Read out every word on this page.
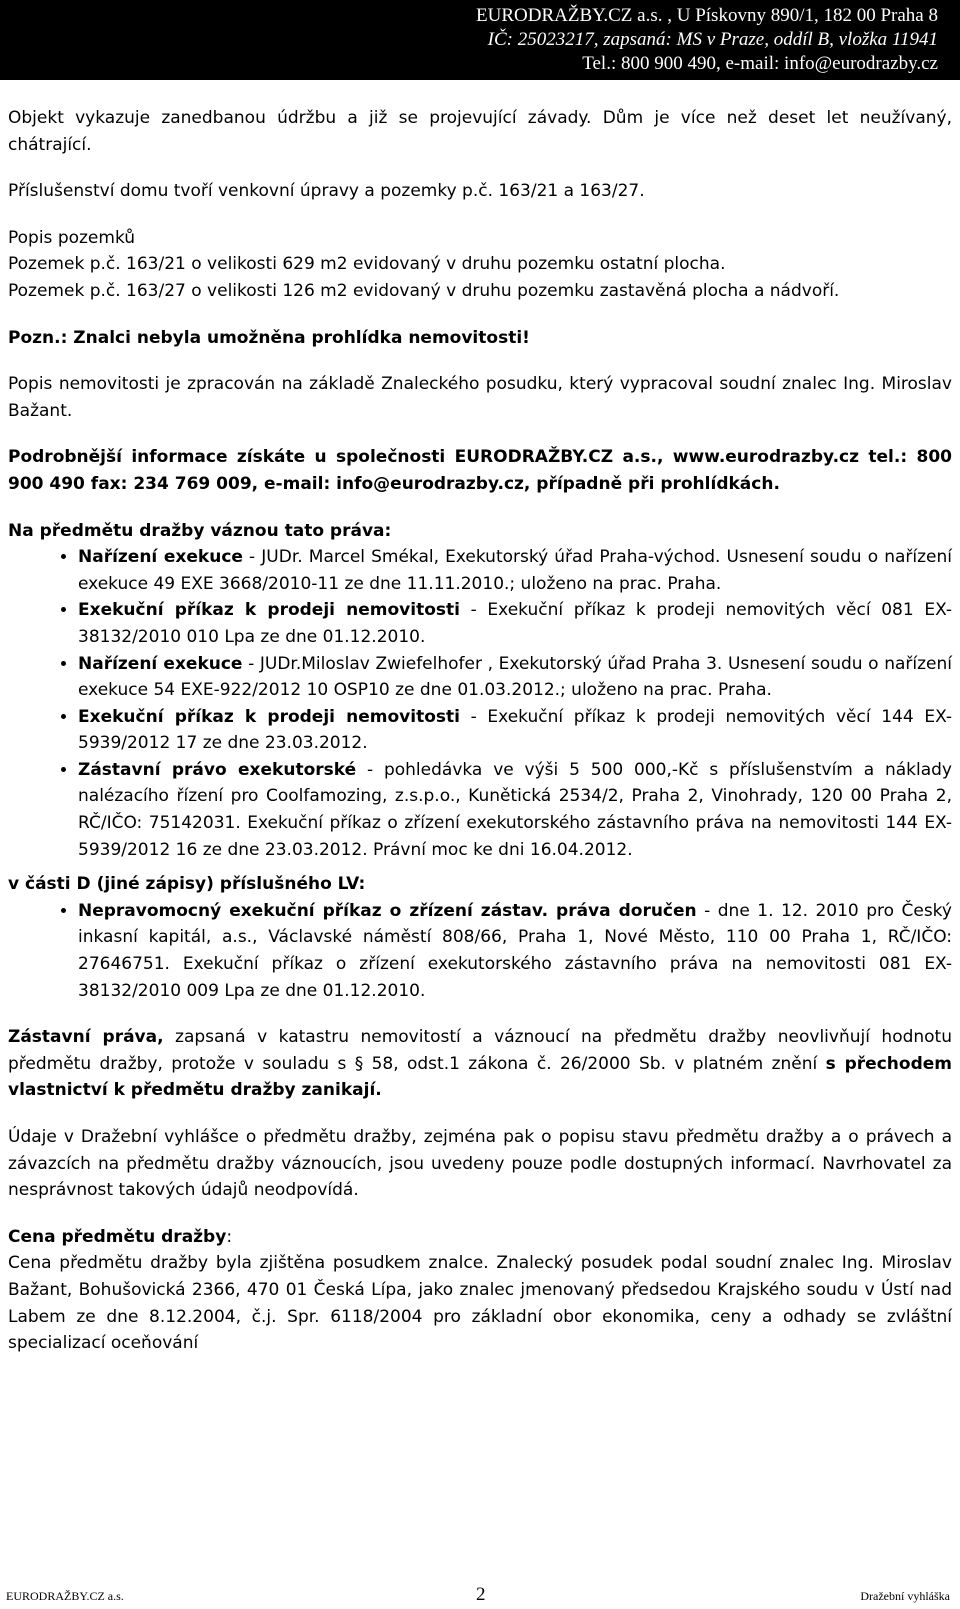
EURODRAŽBY.CZ a.s. , U Pískovny 890/1, 182 00 Praha 8
IČ: 25023217, zapsaná: MS v Praze, oddíl B, vložka 11941
Tel.: 800 900 490, e-mail: info@eurodrazby.cz

Objekt vykazuje zanedbanou údržbu a již se projevující závady. Dům je více než deset let neužívaný, chátrající.

Příslušenství domu tvoří venkovní úpravy a pozemky p.č. 163/21 a 163/27.

Popis pozemků

Pozemek p.č. 163/21 o velikosti 629 m2 evidovaný v druhu pozemku ostatní plocha.

Pozemek p.č. 163/27 o velikosti 126 m2 evidovaný v druhu pozemku zastavěná plocha a nádvoří.

Pozn.: Znalci nebyla umožněna prohlídka nemovitosti!

Popis nemovitosti je zpracován na základě Znaleckého posudku, který vypracoval soudní znalec Ing. Miroslav Bažant.

Podrobnější informace získáte u společnosti EURODRAŽBY.CZ a.s., www.eurodrazby.cz tel.: 800 900 490 fax: 234 769 009, e-mail: info@eurodrazby.cz, případně při prohlídkách.

Na předmětu dražby váznou tato práva:

• Nařízení exekuce - JUDr. Marcel Smékal, Exekutorský úřad Praha-východ. Usnesení soudu o nařízení exekuce 49 EXE 3668/2010-11 ze dne 11.11.2010.; uloženo na prac. Praha.
• Exekuční příkaz k prodeji nemovitosti - Exekuční příkaz k prodeji nemovitých věcí 081 EX-38132/2010 010 Lpa ze dne 01.12.2010.
• Nařízení exekuce - JUDr.Miloslav Zwiefelhofer , Exekutorský úřad Praha 3. Usnesení soudu o nařízení exekuce 54 EXE-922/2012 10 OSP10 ze dne 01.03.2012.; uloženo na prac. Praha.
• Exekuční příkaz k prodeji nemovitosti - Exekuční příkaz k prodeji nemovitých věcí 144 EX-5939/2012 17 ze dne 23.03.2012.
• Zástavní právo exekutorské - pohledávka ve výši 5 500 000,-Kč s příslušenstvím a náklady nalézacího řízení pro Coolfamozing, z.s.p.o., Kunětická 2534/2, Praha 2, Vinohrady, 120 00 Praha 2, RČ/IČO: 75142031. Exekuční příkaz o zřízení exekutorského zástavního práva na nemovitosti 144 EX-5939/2012 16 ze dne 23.03.2012. Právní moc ke dni 16.04.2012.

v části D (jiné zápisy) příslušného LV:

• Nepravomocný exekuční příkaz o zřízení zástav. práva doručen - dne 1. 12. 2010 pro Český inkasní kapitál, a.s., Václavské náměstí 808/66, Praha 1, Nové Město, 110 00 Praha 1, RČ/IČO: 27646751. Exekuční příkaz o zřízení exekutorského zástavního práva na nemovitosti 081 EX-38132/2010 009 Lpa ze dne 01.12.2010.

Zástavní práva, zapsaná v katastru nemovitostí a váznoucí na předmětu dražby neovlivňují hodnotu předmětu dražby, protože v souladu s § 58, odst.1 zákona č. 26/2000 Sb. v platném znění s přechodem vlastnictví k předmětu dražby zanikají.

Údaje v Dražební vyhlášce o předmětu dražby, zejména pak o popisu stavu předmětu dražby a o právech a závazcích na předmětu dražby váznoucích, jsou uvedeny pouze podle dostupných informací. Navrhovatel za nesprávnost takových údajů neodpovídá.

Cena předmětu dražby:

Cena předmětu dražby byla zjištěna posudkem znalce. Znalecký posudek podal soudní znalec Ing. Miroslav Bažant, Bohušovická 2366, 470 01 Česká Lípa, jako znalec jmenovaný předsedou Krajského soudu v Ústí nad Labem ze dne 8.12.2004, č.j. Spr. 6118/2004 pro základní obor ekonomika, ceny a odhady se zvláštní specializací oceňování

EURODRAŽBY.CZ a.s.	2	Dražební vyhláška
